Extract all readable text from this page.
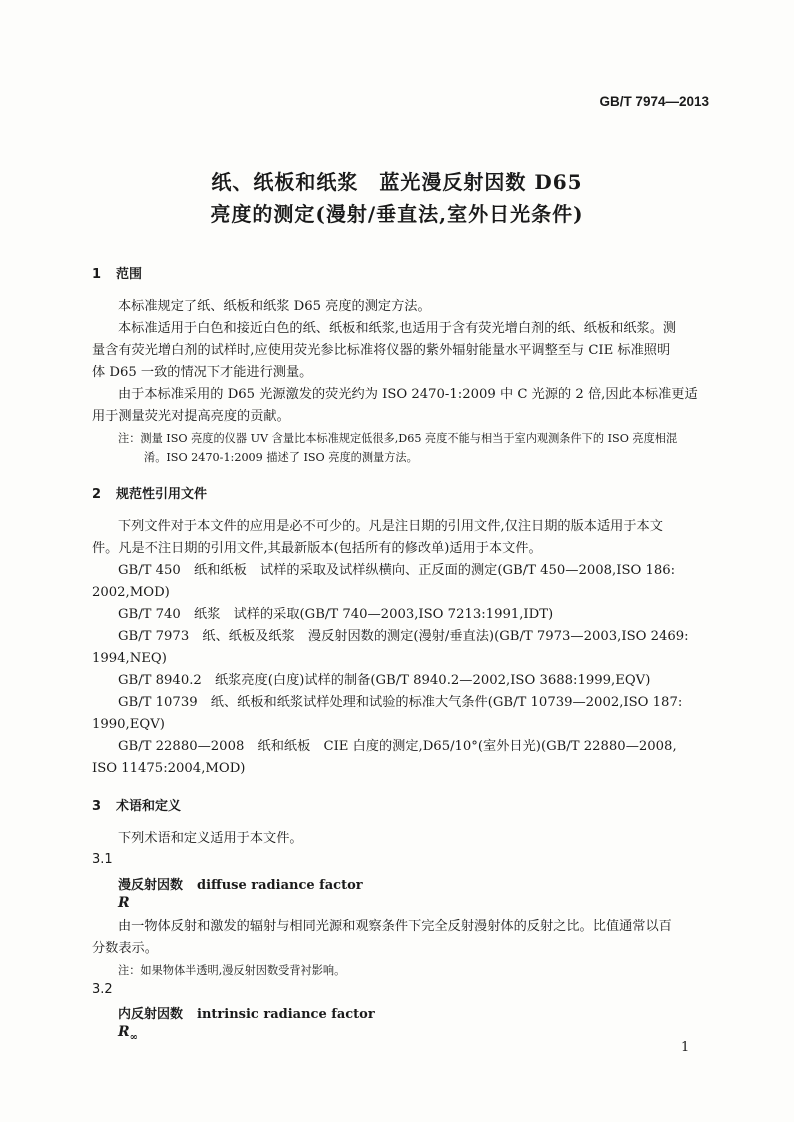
GB/T 7974—2013
纸、纸板和纸浆　蓝光漫反射因数 D65
亮度的测定(漫射/垂直法,室外日光条件)
1 范围
本标准规定了纸、纸板和纸浆 D65 亮度的测定方法。
本标准适用于白色和接近白色的纸、纸板和纸浆,也适用于含有荧光增白剂的纸、纸板和纸浆。测
量含有荧光增白剂的试样时,应使用荧光参比标准将仪器的紫外辐射能量水平调整至与 CIE 标准照明
体 D65 一致的情况下才能进行测量。
由于本标准采用的 D65 光源激发的荧光约为 ISO 2470-1:2009 中 C 光源的 2 倍,因此本标准更适
用于测量荧光对提高亮度的贡献。
注：测量 ISO 亮度的仪器 UV 含量比本标准规定低很多,D65 亮度不能与相当于室内观测条件下的 ISO 亮度相混
淆。ISO 2470-1:2009 描述了 ISO 亮度的测量方法。
2 规范性引用文件
下列文件对于本文件的应用是必不可少的。凡是注日期的引用文件,仅注日期的版本适用于本文
件。凡是不注日期的引用文件,其最新版本(包括所有的修改单)适用于本文件。
GB/T 450　纸和纸板　试样的采取及试样纵横向、正反面的测定(GB/T 450—2008,ISO 186:
2002,MOD)
GB/T 740　纸浆　试样的采取(GB/T 740—2003,ISO 7213:1991,IDT)
GB/T 7973　纸、纸板及纸浆　漫反射因数的测定(漫射/垂直法)(GB/T 7973—2003,ISO 2469:
1994,NEQ)
GB/T 8940.2　纸浆亮度(白度)试样的制备(GB/T 8940.2—2002,ISO 3688:1999,EQV)
GB/T 10739　纸、纸板和纸浆试样处理和试验的标准大气条件(GB/T 10739—2002,ISO 187:
1990,EQV)
GB/T 22880—2008　纸和纸板　CIE 白度的测定,D65/10°(室外日光)(GB/T 22880—2008,
ISO 11475:2004,MOD)
3 术语和定义
下列术语和定义适用于本文件。
3.1
漫反射因数 diffuse radiance factor
R
由一物体反射和激发的辐射与相同光源和观察条件下完全反射漫射体的反射之比。比值通常以百
分数表示。
注：如果物体半透明,漫反射因数受背衬影响。
3.2
内反射因数 intrinsic radiance factor
$R_\infty$
1
